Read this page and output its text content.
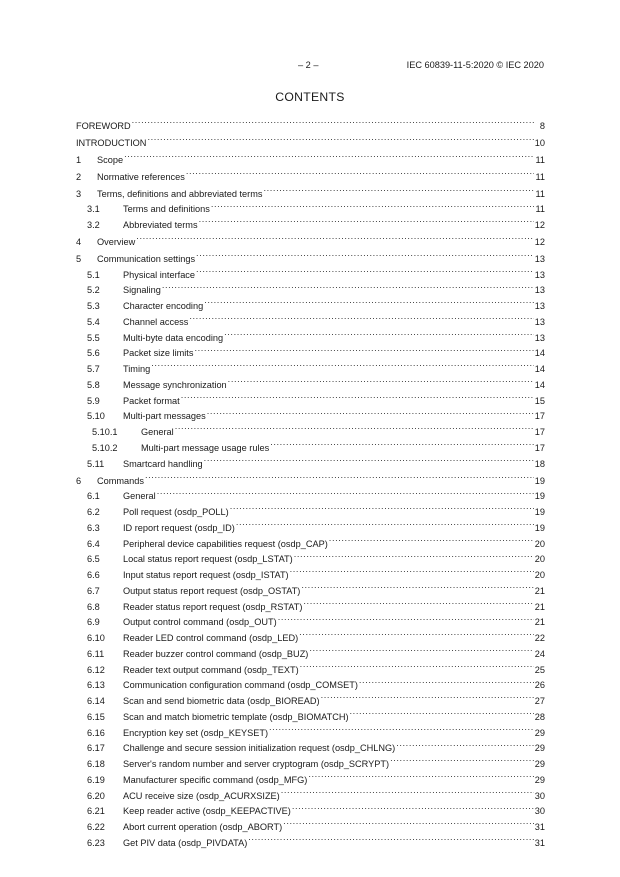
– 2 –	IEC 60839-11-5:2020 © IEC 2020
CONTENTS
FOREWORD .....	8
INTRODUCTION .....	10
1	Scope .....	11
2	Normative references .....	11
3	Terms, definitions and abbreviated terms .....	11
3.1	Terms and definitions .....	11
3.2	Abbreviated terms .....	12
4	Overview .....	12
5	Communication settings .....	13
5.1	Physical interface .....	13
5.2	Signaling .....	13
5.3	Character encoding .....	13
5.4	Channel access .....	13
5.5	Multi-byte data encoding .....	13
5.6	Packet size limits .....	14
5.7	Timing .....	14
5.8	Message synchronization .....	14
5.9	Packet format .....	15
5.10	Multi-part messages .....	17
5.10.1	General .....	17
5.10.2	Multi-part message usage rules .....	17
5.11	Smartcard handling .....	18
6	Commands .....	19
6.1	General .....	19
6.2	Poll request (osdp_POLL) .....	19
6.3	ID report request (osdp_ID) .....	19
6.4	Peripheral device capabilities request (osdp_CAP) .....	20
6.5	Local status report request (osdp_LSTAT) .....	20
6.6	Input status report request (osdp_ISTAT) .....	20
6.7	Output status report request (osdp_OSTAT) .....	21
6.8	Reader status report request (osdp_RSTAT) .....	21
6.9	Output control command (osdp_OUT) .....	21
6.10	Reader LED control command (osdp_LED) .....	22
6.11	Reader buzzer control command (osdp_BUZ) .....	24
6.12	Reader text output command (osdp_TEXT) .....	25
6.13	Communication configuration command (osdp_COMSET) .....	26
6.14	Scan and send biometric data (osdp_BIOREAD) .....	27
6.15	Scan and match biometric template (osdp_BIOMATCH) .....	28
6.16	Encryption key set (osdp_KEYSET) .....	29
6.17	Challenge and secure session initialization request (osdp_CHLNG) .....	29
6.18	Server's random number and server cryptogram (osdp_SCRYPT) .....	29
6.19	Manufacturer specific command (osdp_MFG) .....	29
6.20	ACU receive size (osdp_ACURXSIZE) .....	30
6.21	Keep reader active (osdp_KEEPACTIVE) .....	30
6.22	Abort current operation (osdp_ABORT) .....	31
6.23	Get PIV data (osdp_PIVDATA) .....	31
